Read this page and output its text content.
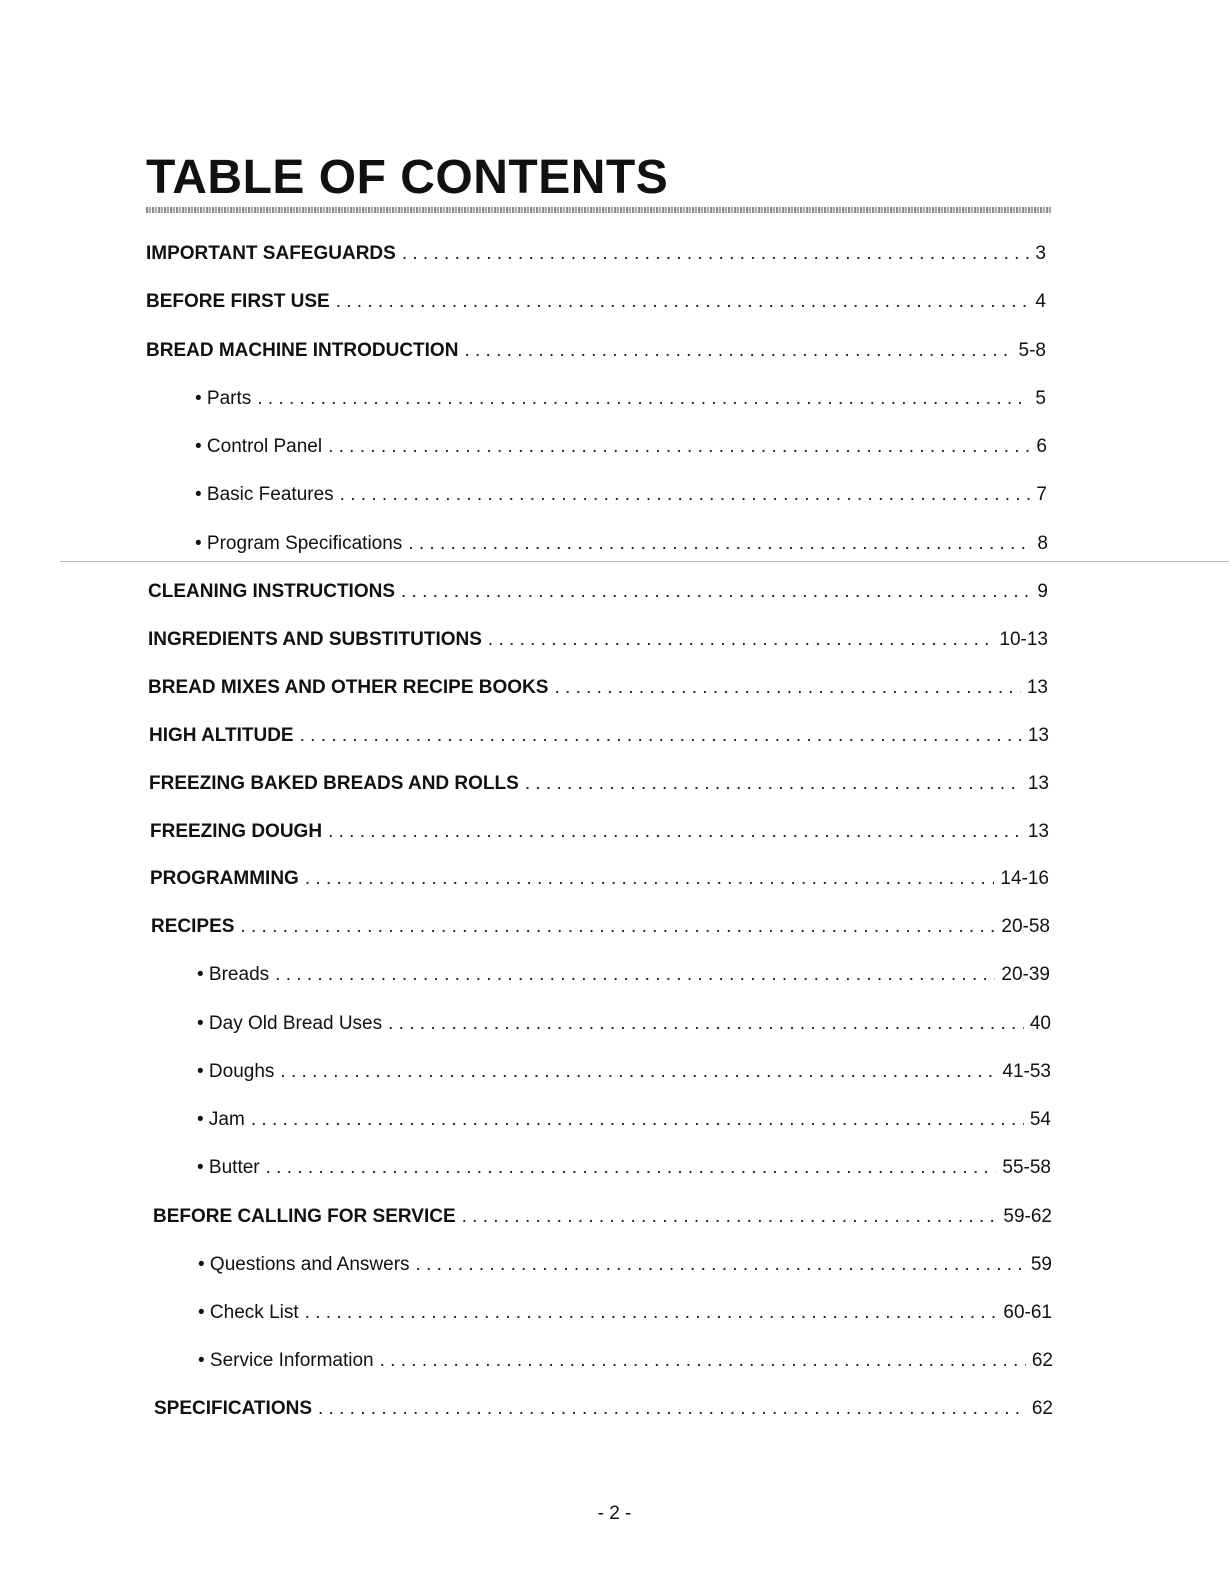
TABLE OF CONTENTS
IMPORTANT SAFEGUARDS . . .	3
BEFORE FIRST USE . . .	4
BREAD MACHINE INTRODUCTION . . .	5-8
• Parts . . .	5
• Control Panel . . .	6
• Basic Features . . .	7
• Program Specifications . . .	8
CLEANING INSTRUCTIONS . . .	9
INGREDIENTS AND SUBSTITUTIONS . . .	10-13
BREAD MIXES AND OTHER RECIPE BOOKS . . .	13
HIGH ALTITUDE . . .	13
FREEZING BAKED BREADS AND ROLLS . . .	13
FREEZING DOUGH . . .	13
PROGRAMMING . . .	14-16
RECIPES . . .	20-58
• Breads . . .	20-39
• Day Old Bread Uses . . .	40
• Doughs . . .	41-53
• Jam . . .	54
• Butter . . .	55-58
BEFORE CALLING FOR SERVICE . . .	59-62
• Questions and Answers . . .	59
• Check List . . .	60-61
• Service Information . . .	62
SPECIFICATIONS . . .	62
- 2 -
